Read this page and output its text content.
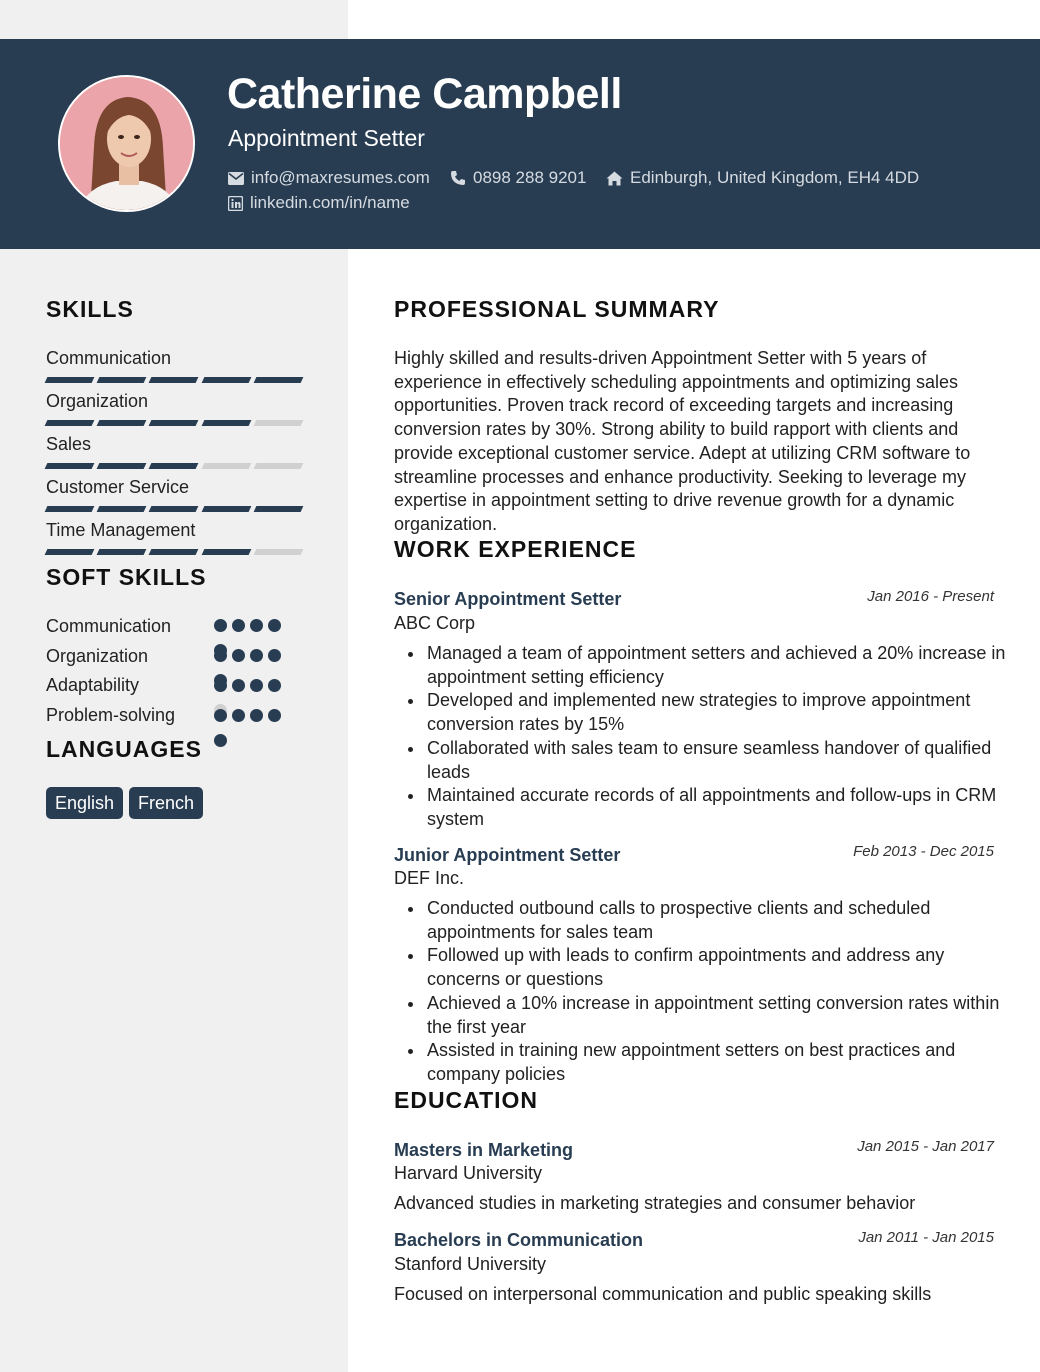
Catherine Campbell
Appointment Setter
info@maxresumes.com	0898 288 9201	Edinburgh, United Kingdom, EH4 4DD
linkedin.com/in/name
SKILLS
Communication
Organization
Sales
Customer Service
Time Management
SOFT SKILLS
Communication
Organization
Adaptability
Problem-solving
LANGUAGES
English	French
PROFESSIONAL SUMMARY
Highly skilled and results-driven Appointment Setter with 5 years of experience in effectively scheduling appointments and optimizing sales opportunities. Proven track record of exceeding targets and increasing conversion rates by 30%. Strong ability to build rapport with clients and provide exceptional customer service. Adept at utilizing CRM software to streamline processes and enhance productivity. Seeking to leverage my expertise in appointment setting to drive revenue growth for a dynamic organization.
WORK EXPERIENCE
Senior Appointment Setter	Jan 2016 - Present
ABC Corp
Managed a team of appointment setters and achieved a 20% increase in appointment setting efficiency
Developed and implemented new strategies to improve appointment conversion rates by 15%
Collaborated with sales team to ensure seamless handover of qualified leads
Maintained accurate records of all appointments and follow-ups in CRM system
Junior Appointment Setter	Feb 2013 - Dec 2015
DEF Inc.
Conducted outbound calls to prospective clients and scheduled appointments for sales team
Followed up with leads to confirm appointments and address any concerns or questions
Achieved a 10% increase in appointment setting conversion rates within the first year
Assisted in training new appointment setters on best practices and company policies
EDUCATION
Masters in Marketing	Jan 2015 - Jan 2017
Harvard University
Advanced studies in marketing strategies and consumer behavior
Bachelors in Communication	Jan 2011 - Jan 2015
Stanford University
Focused on interpersonal communication and public speaking skills
